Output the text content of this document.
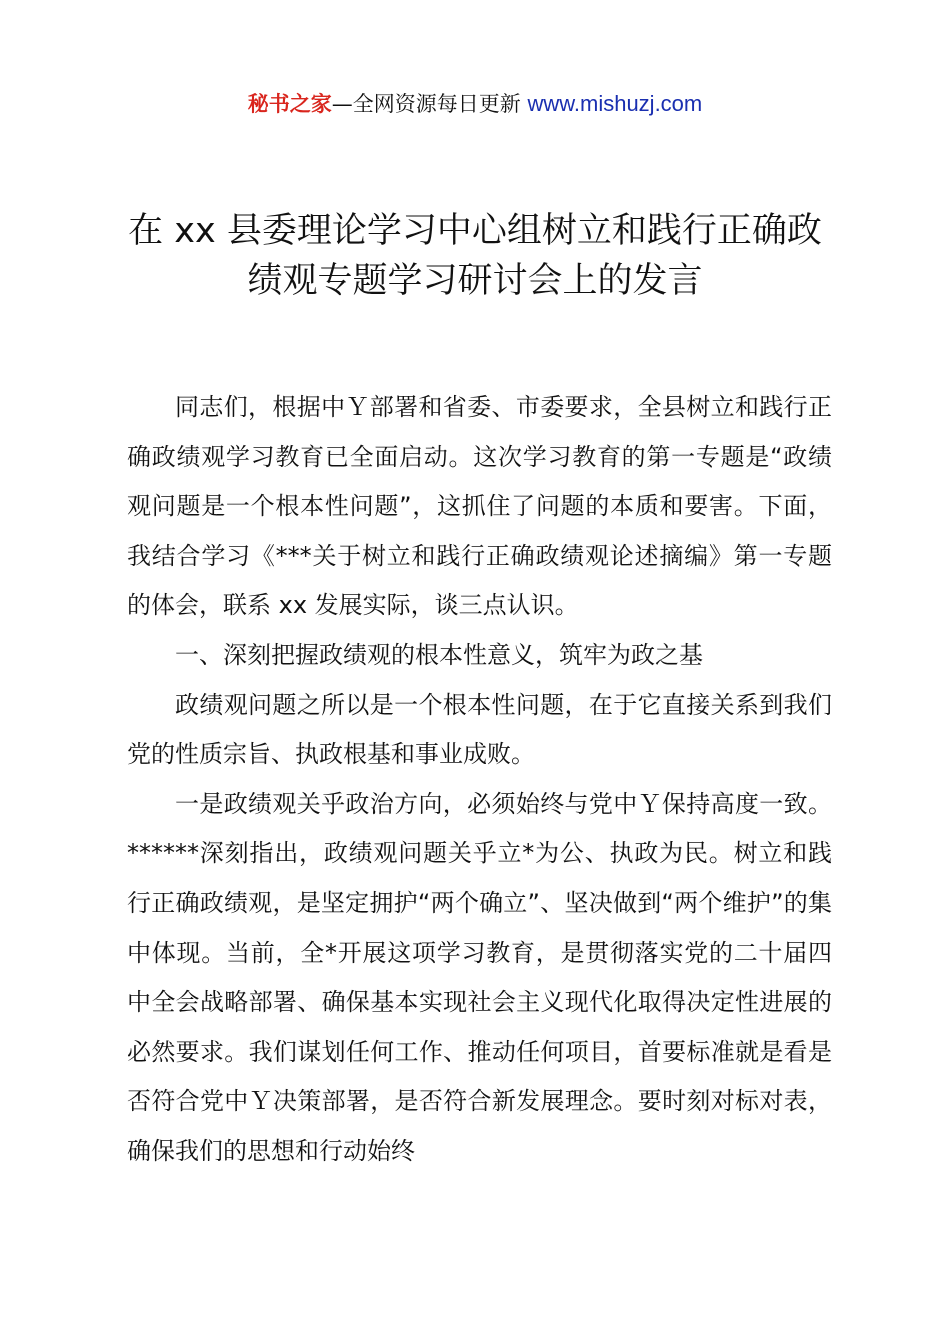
秘书之家—全网资源每日更新 www.mishuzj.com
在 xx 县委理论学习中心组树立和践行正确政
绩观专题学习研讨会上的发言

同志们，根据中Ｙ部署和省委、市委要求，全县树立和践行正确政绩观学习教育已全面启动。这次学习教育的第一专题是“政绩观问题是一个根本性问题”，这抓住了问题的本质和要害。下面，我结合学习《***关于树立和践行正确政绩观论述摘编》第一专题的体会，联系 xx 发展实际，谈三点认识。

一、深刻把握政绩观的根本性意义，筑牢为政之基

政绩观问题之所以是一个根本性问题，在于它直接关系到我们党的性质宗旨、执政根基和事业成败。

一是政绩观关乎政治方向，必须始终与党中Ｙ保持高度一致。******深刻指出，政绩观问题关乎立*为公、执政为民。树立和践行正确政绩观，是坚定拥护“两个确立”、坚决做到“两个维护”的集中体现。当前，全*开展这项学习教育，是贯彻落实党的二十届四中全会战略部署、确保基本实现社会主义现代化取得决定性进展的必然要求。我们谋划任何工作、推动任何项目，首要标准就是看是否符合党中Ｙ决策部署，是否符合新发展理念。要时刻对标对表，确保我们的思想和行动始终
